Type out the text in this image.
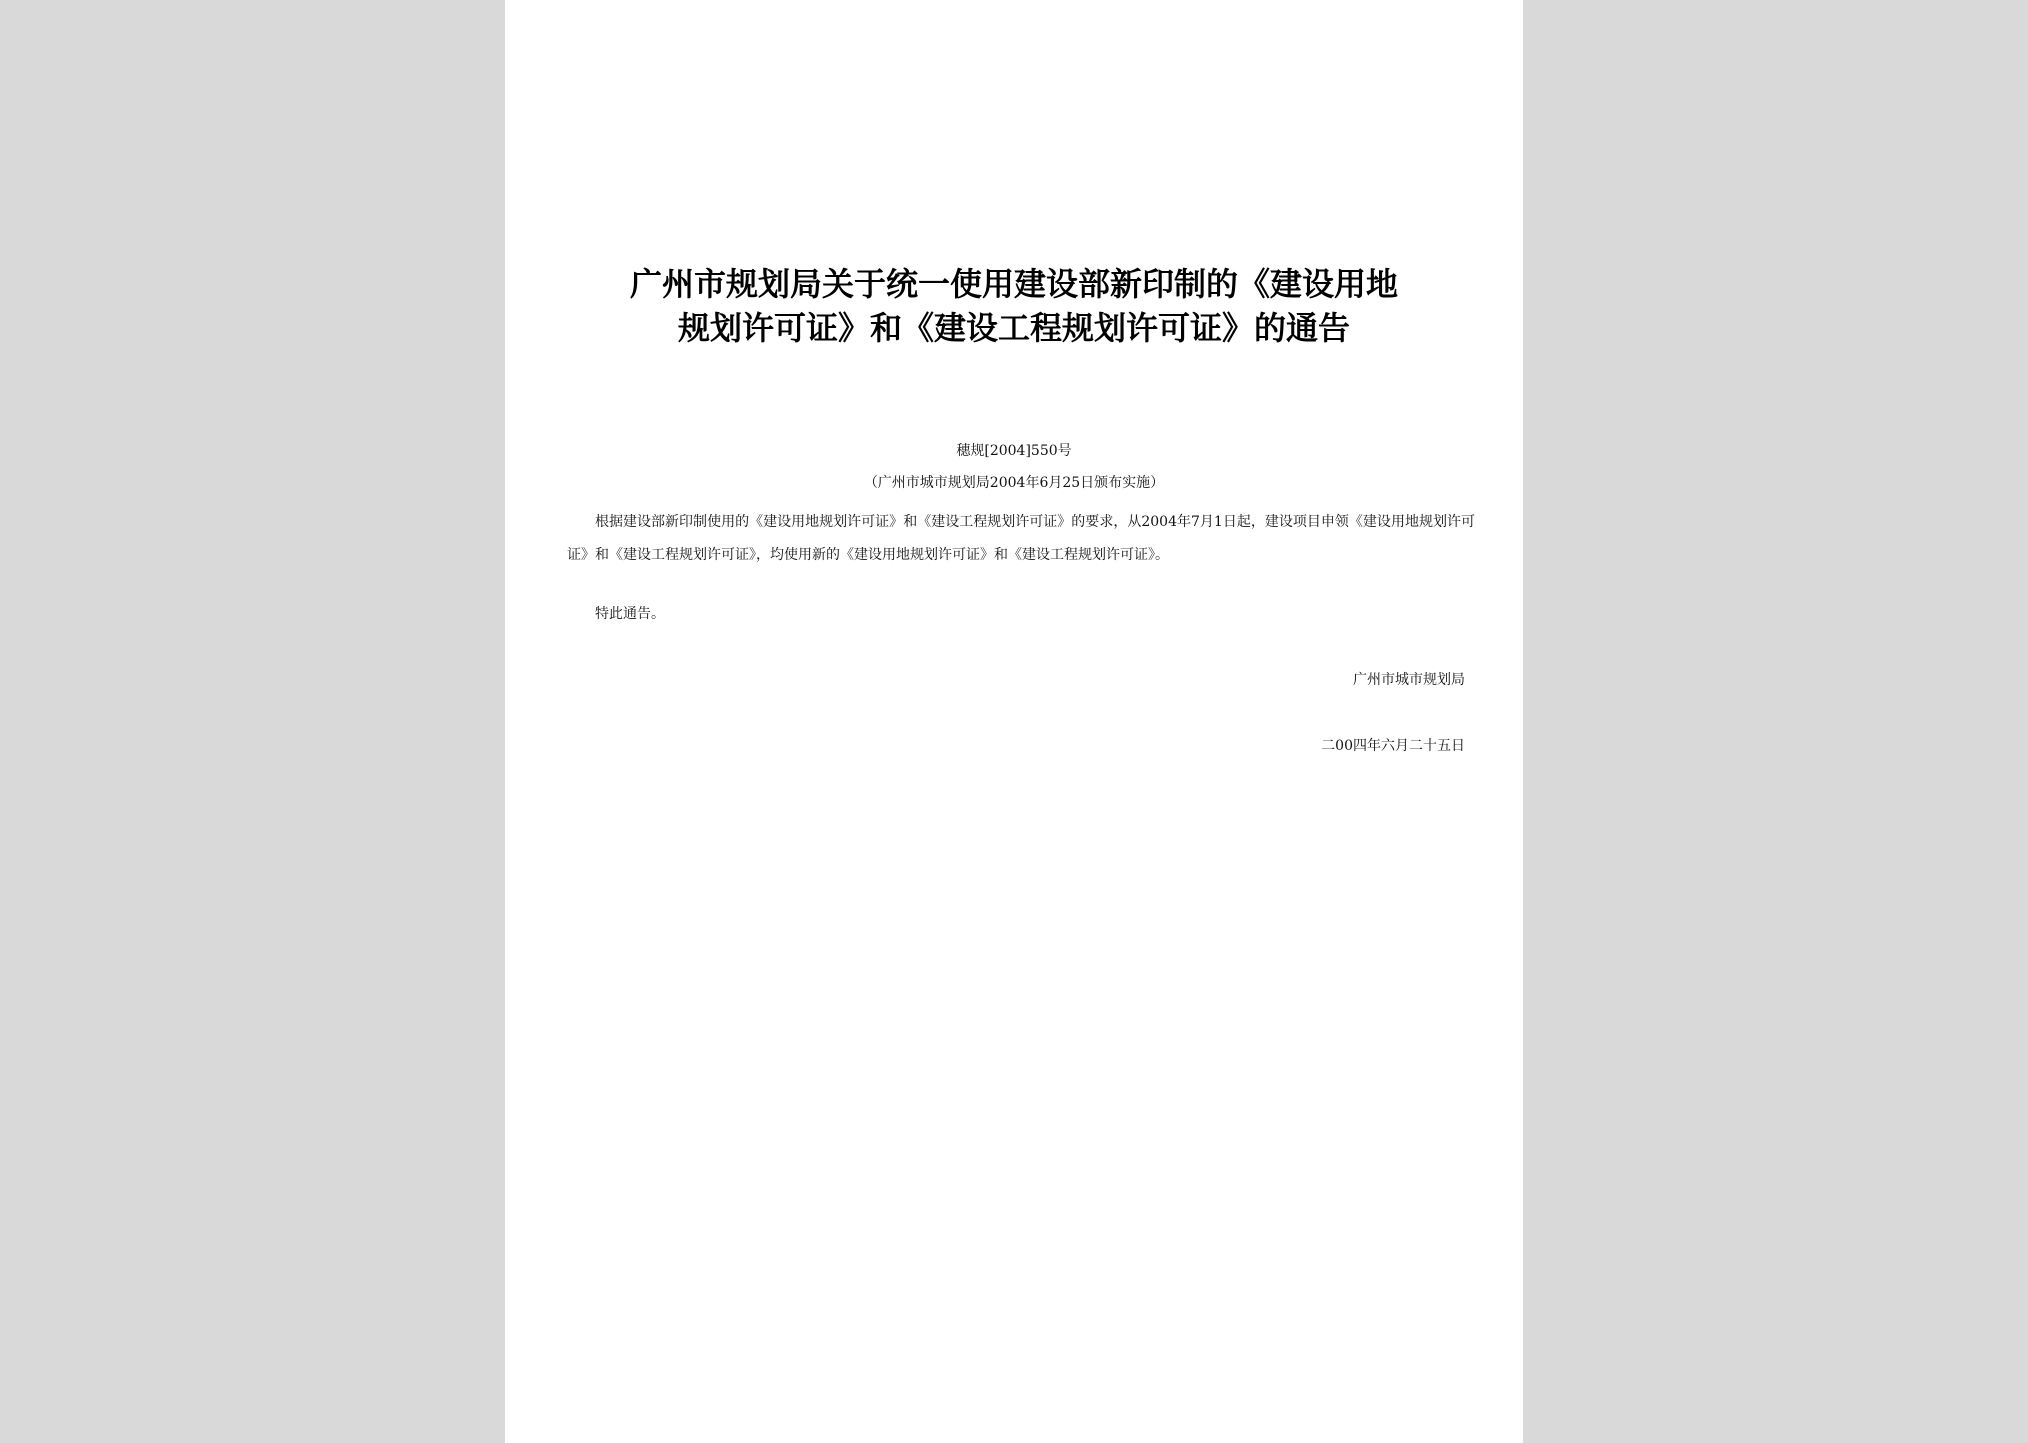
广州市规划局关于统一使用建设部新印制的《建设用地
规划许可证》和《建设工程规划许可证》的通告
穗规[2004]550号
（广州市城市规划局2004年6月25日颁布实施）

根据建设部新印制使用的《建设用地规划许可证》和《建设工程规划许可证》的要求，从2004年7月1日起，建设项目申领《建设用地规划许可证》和《建设工程规划许可证》，均使用新的《建设用地规划许可证》和《建设工程规划许可证》。

特此通告。

广州市城市规划局

二00四年六月二十五日
